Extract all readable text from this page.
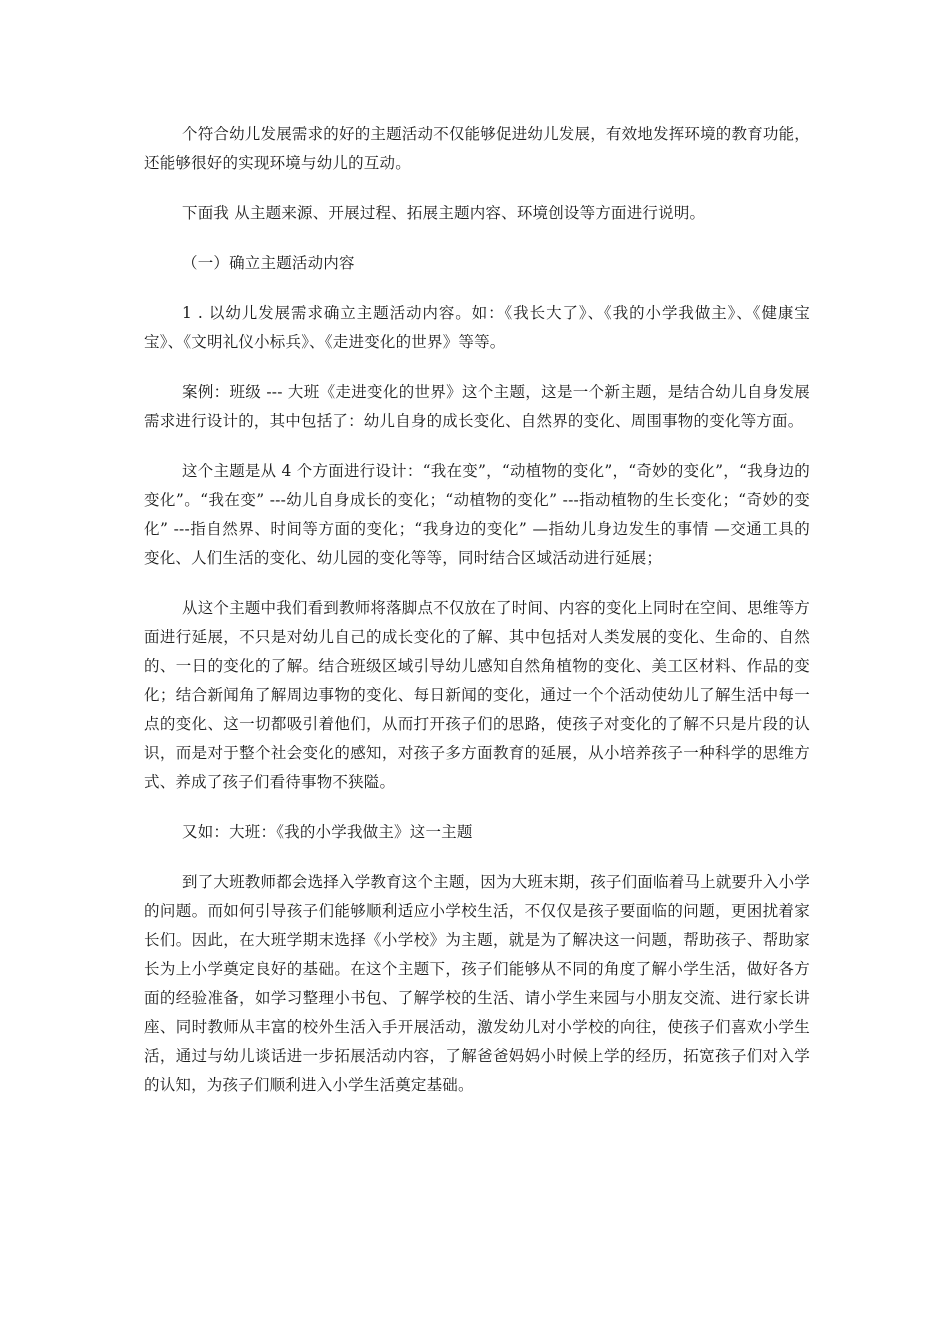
个符合幼儿发展需求的好的主题活动不仅能够促进幼儿发展，有效地发挥环境的教育功能，还能够很好的实现环境与幼儿的互动。

下面我 从主题来源、开展过程、拓展主题内容、环境创设等方面进行说明。

（一）确立主题活动内容

1 . 以幼儿发展需求确立主题活动内容。如：《我长大了》、《我的小学我做主》、《健康宝宝》、《文明礼仪小标兵》、《走进变化的世界》等等。

案例：班级 --- 大班《走进变化的世界》这个主题，这是一个新主题，是结合幼儿自身发展需求进行设计的，其中包括了：幼儿自身的成长变化、自然界的变化、周围事物的变化等方面。

这个主题是从 4 个方面进行设计：“我在变”，“动植物的变化”，“奇妙的变化”，“我身边的变化”。“我在变” ---幼儿自身成长的变化；“动植物的变化” ---指动植物的生长变化；“奇妙的变化” ---指自然界、时间等方面的变化；“我身边的变化” —指幼儿身边发生的事情 —交通工具的变化、人们生活的变化、幼儿园的变化等等，同时结合区域活动进行延展；

从这个主题中我们看到教师将落脚点不仅放在了时间、内容的变化上同时在空间、思维等方面进行延展，不只是对幼儿自己的成长变化的了解、其中包括对人类发展的变化、生命的、自然的、一日的变化的了解。结合班级区域引导幼儿感知自然角植物的变化、美工区材料、作品的变化；结合新闻角了解周边事物的变化、每日新闻的变化，通过一个个活动使幼儿了解生活中每一点的变化、这一切都吸引着他们，从而打开孩子们的思路，使孩子对变化的了解不只是片段的认识，而是对于整个社会变化的感知，对孩子多方面教育的延展，从小培养孩子一种科学的思维方式、养成了孩子们看待事物不狭隘。

又如：大班：《我的小学我做主》这一主题

到了大班教师都会选择入学教育这个主题，因为大班末期，孩子们面临着马上就要升入小学的问题。而如何引导孩子们能够顺利适应小学校生活，不仅仅是孩子要面临的问题，更困扰着家长们。因此，在大班学期末选择《小学校》为主题，就是为了解决这一问题，帮助孩子、帮助家长为上小学奠定良好的基础。在这个主题下，孩子们能够从不同的角度了解小学生活，做好各方面的经验准备，如学习整理小书包、了解学校的生活、请小学生来园与小朋友交流、进行家长讲座、同时教师从丰富的校外生活入手开展活动，激发幼儿对小学校的向往，使孩子们喜欢小学生活，通过与幼儿谈话进一步拓展活动内容，了解爸爸妈妈小时候上学的经历，拓宽孩子们对入学的认知，为孩子们顺利进入小学生活奠定基础。
